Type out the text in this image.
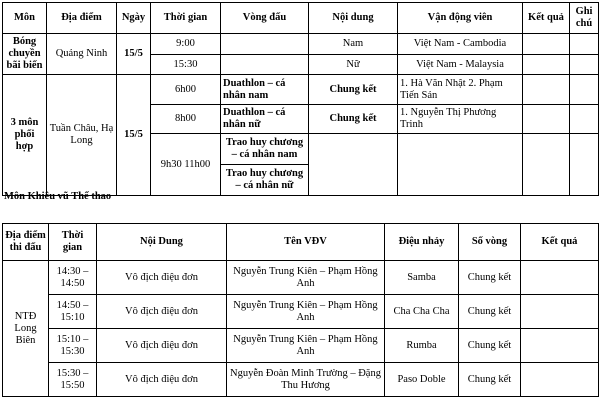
Môn	Địa điểm	Ngày	Thời gian	Vòng đấu	Nội dung	Vận động viên	Kết quả	Ghi chú
Bóng chuyền bãi biển	Quảng Ninh	15/5	9:00		Nam	Việt Nam - Cambodia		
			15:30		Nữ	Việt Nam - Malaysia		
3 môn phối hợp	Tuần Châu, Hạ Long	15/5	6h00	Duathlon – cá nhân nam	Chung kết	1. Hà Văn Nhật 2. Phạm Tiến Sản		
			8h00	Duathlon – cá nhân nữ	Chung kết	1. Nguyễn Thị Phương Trinh		
			9h30 11h00	Trao huy chương – cá nhân nam				
				Trao huy chương – cá nhân nữ				
Môn Khiêu vũ Thể thao
Địa điểm thi đấu	Thời gian	Nội Dung	Tên VĐV	Điệu nhảy	Số vòng	Kết quả
NTĐ Long Biên	14:30 – 14:50	Vô địch điệu đơn	Nguyễn Trung Kiên – Phạm Hồng Anh	Samba	Chung kết	
	14:50 – 15:10	Vô địch điệu đơn	Nguyễn Trung Kiên – Phạm Hồng Anh	Cha Cha Cha	Chung kết	
	15:10 – 15:30	Vô địch điệu đơn	Nguyễn Trung Kiên – Phạm Hồng Anh	Rumba	Chung kết	
	15:30 – 15:50	Vô địch điệu đơn	Nguyễn Đoàn Minh Trường – Đặng Thu Hương	Paso Doble	Chung kết	
